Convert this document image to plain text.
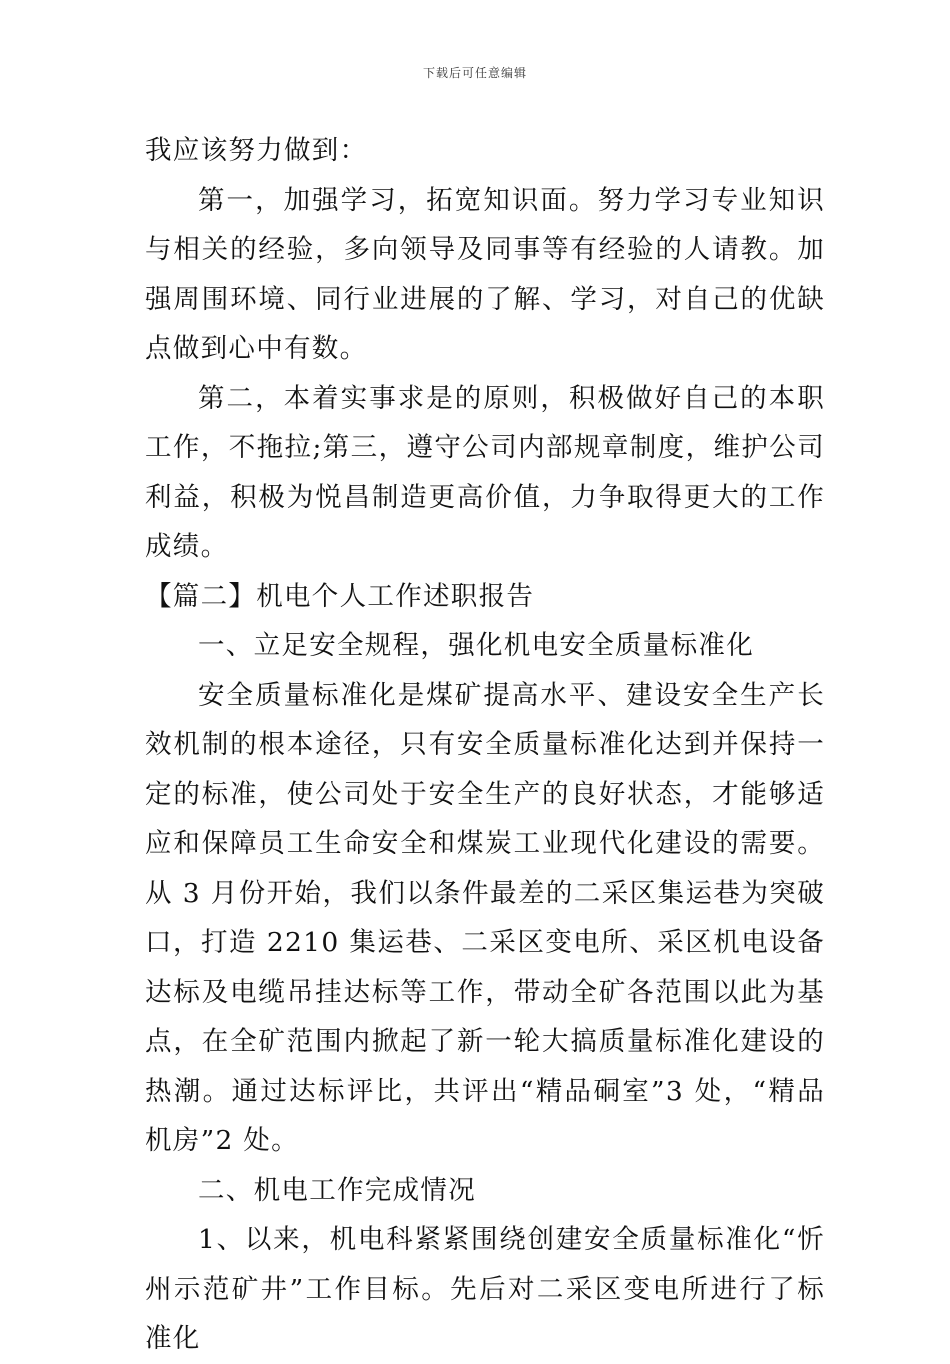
下载后可任意编辑

我应该努力做到：

第一，加强学习，拓宽知识面。努力学习专业知识与相关的经验，多向领导及同事等有经验的人请教。加强周围环境、同行业进展的了解、学习，对自己的优缺点做到心中有数。

第二，本着实事求是的原则，积极做好自己的本职工作，不拖拉;第三，遵守公司内部规章制度，维护公司利益，积极为悦昌制造更高价值，力争取得更大的工作成绩。

【篇二】机电个人工作述职报告

一、立足安全规程，强化机电安全质量标准化

安全质量标准化是煤矿提高水平、建设安全生产长效机制的根本途径，只有安全质量标准化达到并保持一定的标准，使公司处于安全生产的良好状态，才能够适应和保障员工生命安全和煤炭工业现代化建设的需要。从 3 月份开始，我们以条件最差的二采区集运巷为突破口，打造 2210 集运巷、二采区变电所、采区机电设备达标及电缆吊挂达标等工作，带动全矿各范围以此为基点，在全矿范围内掀起了新一轮大搞质量标准化建设的热潮。通过达标评比，共评出“精品硐室”3 处，“精品机房”2 处。

二、机电工作完成情况

1、以来，机电科紧紧围绕创建安全质量标准化“忻州示范矿井”工作目标。先后对二采区变电所进行了标准化
